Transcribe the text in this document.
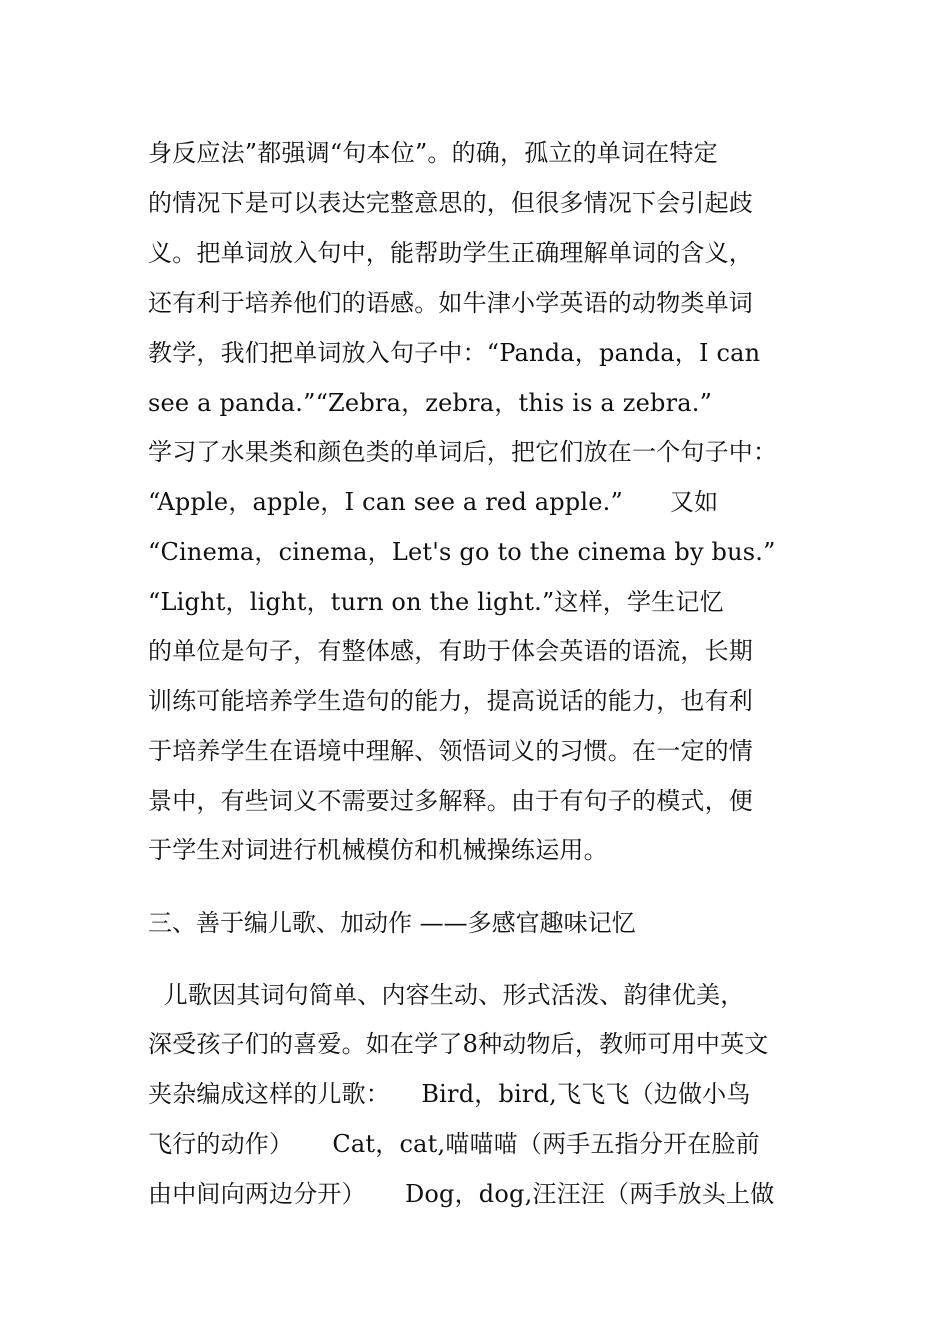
身反应法”都强调“句本位”。的确，孤立的单词在特定
的情况下是可以表达完整意思的，但很多情况下会引起歧
义。把单词放入句中，能帮助学生正确理解单词的含义，
还有利于培养他们的语感。如牛津小学英语的动物类单词
教学，我们把单词放入句子中：“Panda，panda，I can
see a panda.”“Zebra，zebra，this is a zebra.”
学习了水果类和颜色类的单词后，把它们放在一个句子中：
“Apple，apple，I can see a red apple.”      又如
“Cinema，cinema，Let's go to the cinema by bus.”
“Light，light，turn on the light.”这样，学生记忆
的单位是句子，有整体感，有助于体会英语的语流，长期
训练可能培养学生造句的能力，提高说话的能力，也有利
于培养学生在语境中理解、领悟词义的习惯。在一定的情
景中，有些词义不需要过多解释。由于有句子的模式，便
于学生对词进行机械模仿和机械操练运用。
三、善于编儿歌、加动作 ——多感官趣味记忆
儿歌因其词句简单、内容生动、形式活泼、韵律优美，
深受孩子们的喜爱。如在学了8种动物后，教师可用中英文
夹杂编成这样的儿歌：    Bird，bird,飞飞飞（边做小鸟
飞行的动作）     Cat，cat,喵喵喵（两手五指分开在脸前
由中间向两边分开）     Dog，dog,汪汪汪（两手放头上做
